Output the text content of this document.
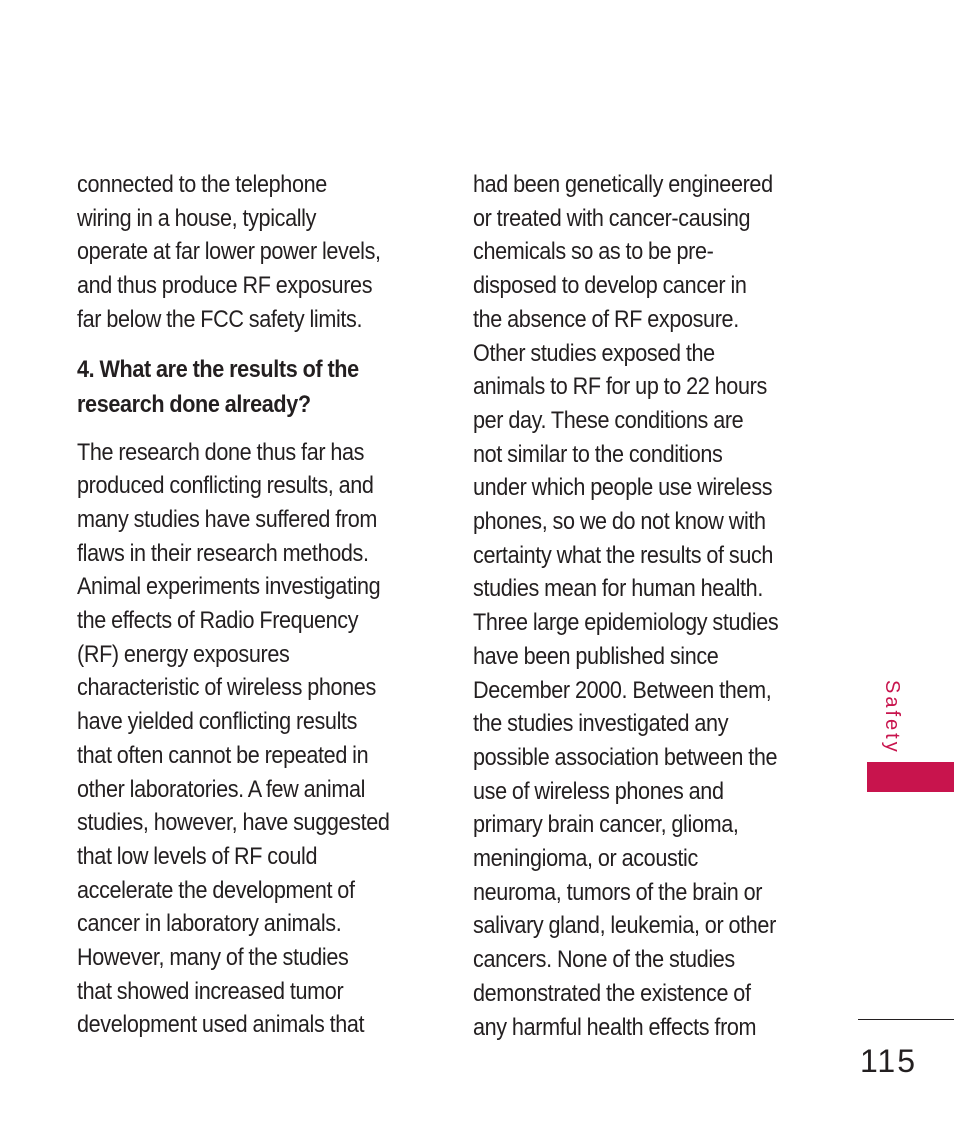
connected to the telephone
wiring in a house, typically
operate at far lower power levels,
and thus produce RF exposures
far below the FCC safety limits.
4. What are the results of the
research done already?
The research done thus far has
produced conflicting results, and
many studies have suffered from
flaws in their research methods.
Animal experiments investigating
the effects of Radio Frequency
(RF) energy exposures
characteristic of wireless phones
have yielded conflicting results
that often cannot be repeated in
other laboratories. A few animal
studies, however, have suggested
that low levels of RF could
accelerate the development of
cancer in laboratory animals.
However, many of the studies
that showed increased tumor
development used animals that
had been genetically engineered
or treated with cancer-causing
chemicals so as to be pre-
disposed to develop cancer in
the absence of RF exposure.
Other studies exposed the
animals to RF for up to 22 hours
per day. These conditions are
not similar to the conditions
under which people use wireless
phones, so we do not know with
certainty what the results of such
studies mean for human health.
Three large epidemiology studies
have been published since
December 2000. Between them,
the studies investigated any
possible association between the
use of wireless phones and
primary brain cancer, glioma,
meningioma, or acoustic
neuroma, tumors of the brain or
salivary gland, leukemia, or other
cancers. None of the studies
demonstrated the existence of
any harmful health effects from
Safety
115
